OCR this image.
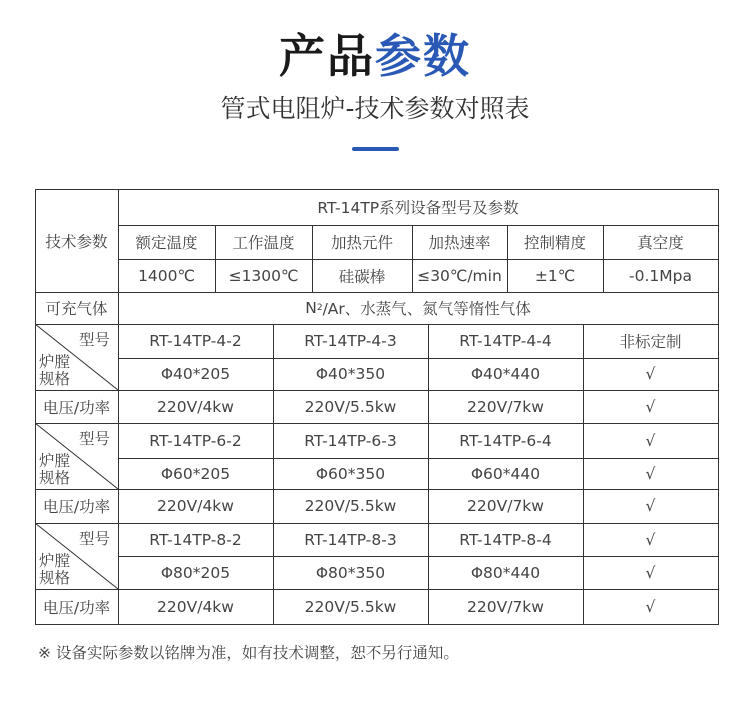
产品参数
管式电阻炉-技术参数对照表
技术参数
RT-14TP系列设备型号及参数
额定温度
1400℃
工作温度
≤1300℃
加热元件
硅碳棒
加热速率
≤30℃/min
控制精度
±1℃
真空度
-0.1Mpa
可充气体	N 2 /Ar、水蒸气、氮气等惰性气体
型号
炉膛
规格
电压/功率
RT-14TP-4-2
Φ40*205
220V/4kw
RT-14TP-4-3
Φ40*350
220V/5.5kw
RT-14TP-4-4
Φ40*440
220V/7kw
非标定制
√
√
型号
炉膛
规格
电压/功率
RT-14TP-6-2
Φ60*205
220V/4kw
RT-14TP-6-3
Φ60*350
220V/5.5kw
RT-14TP-6-4
Φ60*440
220V/7kw
√
√
√
型号
炉膛
规格
电压/功率
RT-14TP-8-2
Φ80*205
220V/4kw
RT-14TP-8-3
Φ80*350
220V/5.5kw
RT-14TP-8-4
Φ80*440
220V/7kw
√
√
√
※ 设备实际参数以铭牌为准，如有技术调整，恕不另行通知。
